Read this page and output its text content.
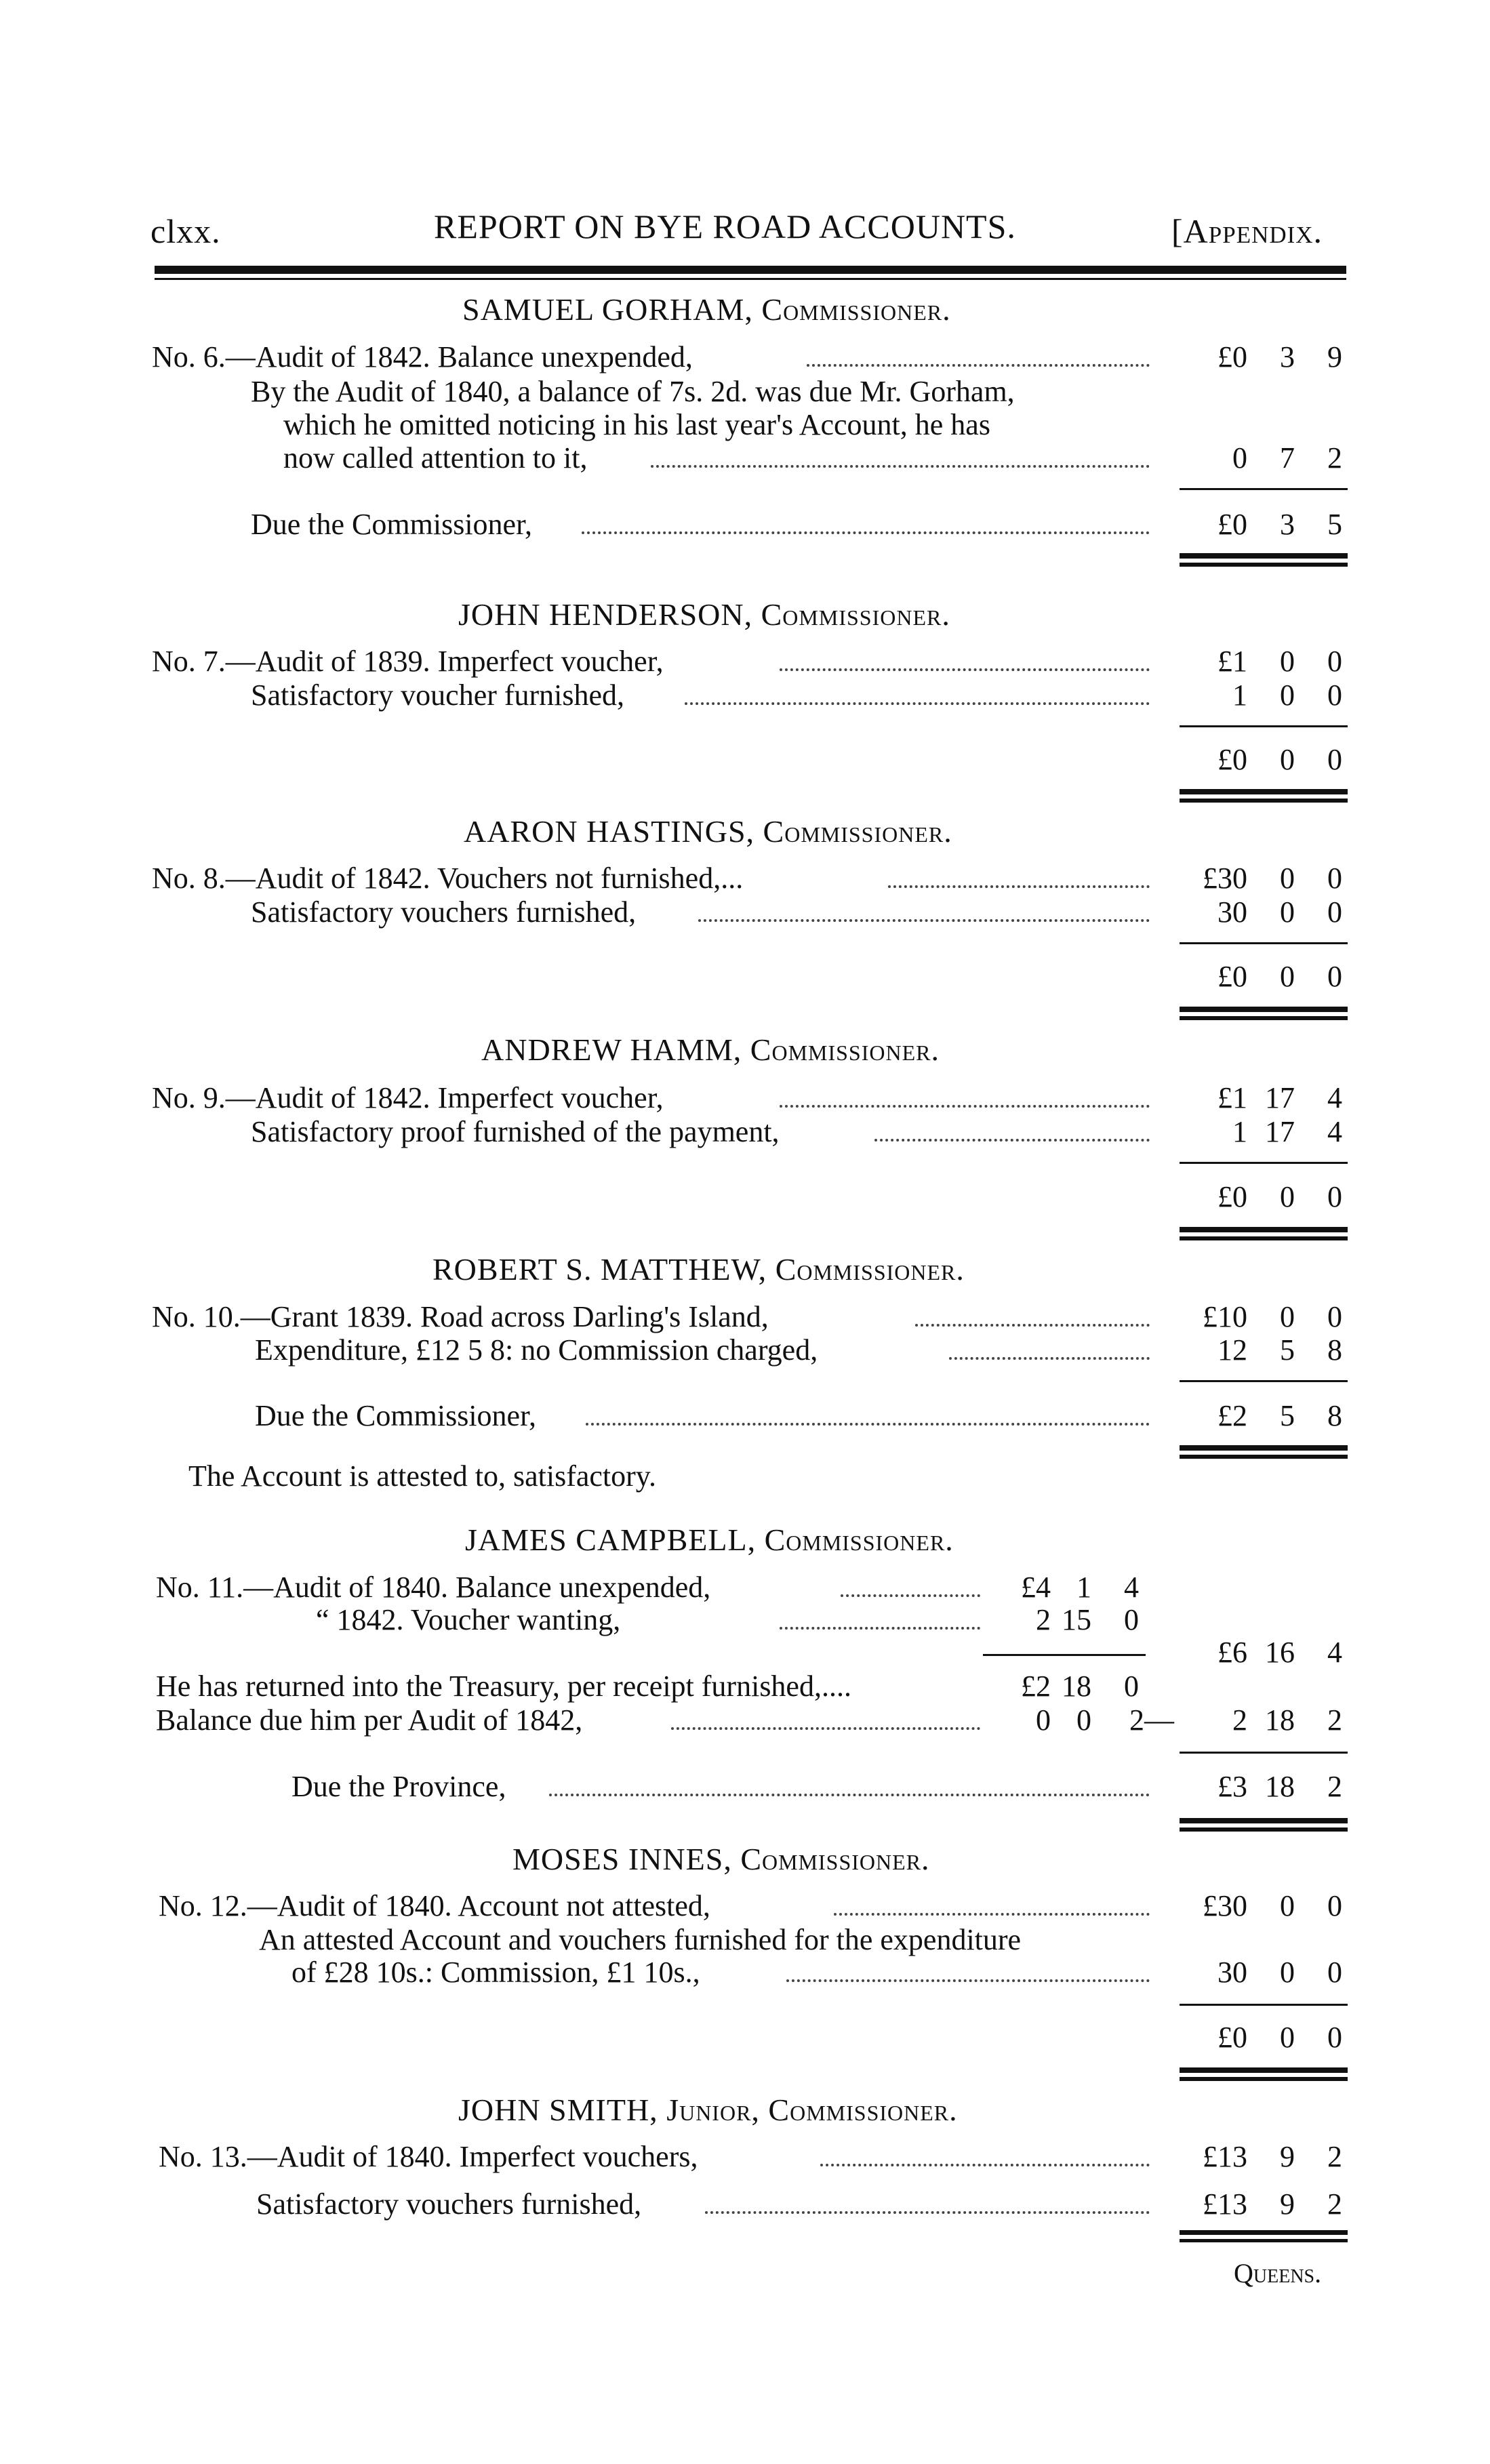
clxx.	REPORT ON BYE ROAD ACCOUNTS.	[Appendix.
SAMUEL GORHAM, Commissioner.
No. 6.—Audit of 1842. Balance unexpended,	£0	3	9
By the Audit of 1840, a balance of 7s. 2d. was due Mr. Gorham,
which he omitted noticing in his last year's Account, he has
now called attention to it,	0	7	2
Due the Commissioner,	£0	3	5
JOHN HENDERSON, Commissioner.
No. 7.—Audit of 1839. Imperfect voucher,	£1	0	0
Satisfactory voucher furnished,	1	0	0
£0	0	0
AARON HASTINGS, Commissioner.
No. 8.—Audit of 1842. Vouchers not furnished,...	£30	0	0
Satisfactory vouchers furnished,	30	0	0
£0	0	0
ANDREW HAMM, Commissioner.
No. 9.—Audit of 1842. Imperfect voucher,	£1 17	4
Satisfactory proof furnished of the payment,	1 17	4
£0	0	0
ROBERT S. MATTHEW, Commissioner.
No. 10.—Grant 1839. Road across Darling's Island,	£10	0	0
Expenditure, £12 5 8: no Commission charged,	12	5	8
Due the Commissioner,	£2	5	8
The Account is attested to, satisfactory.
JAMES CAMPBELL, Commissioner.
No. 11.—Audit of 1840. Balance unexpended,	£4 1	4
“ 1842. Voucher wanting,	2 15	0
£6 16	4
He has returned into the Treasury, per receipt furnished,....	£2 18	0
Balance due him per Audit of 1842,	0 0 2—	2 18	2
Due the Province,	£3 18	2
MOSES INNES, Commissioner.
No. 12.—Audit of 1840. Account not attested,	£30	0	0
An attested Account and vouchers furnished for the expenditure
of £28 10s.: Commission, £1 10s.,	30	0	0
£0	0	0
JOHN SMITH, Junior, Commissioner.
No. 13.—Audit of 1840. Imperfect vouchers,	£13	9	2
Satisfactory vouchers furnished,	£13	9	2
Queens.
